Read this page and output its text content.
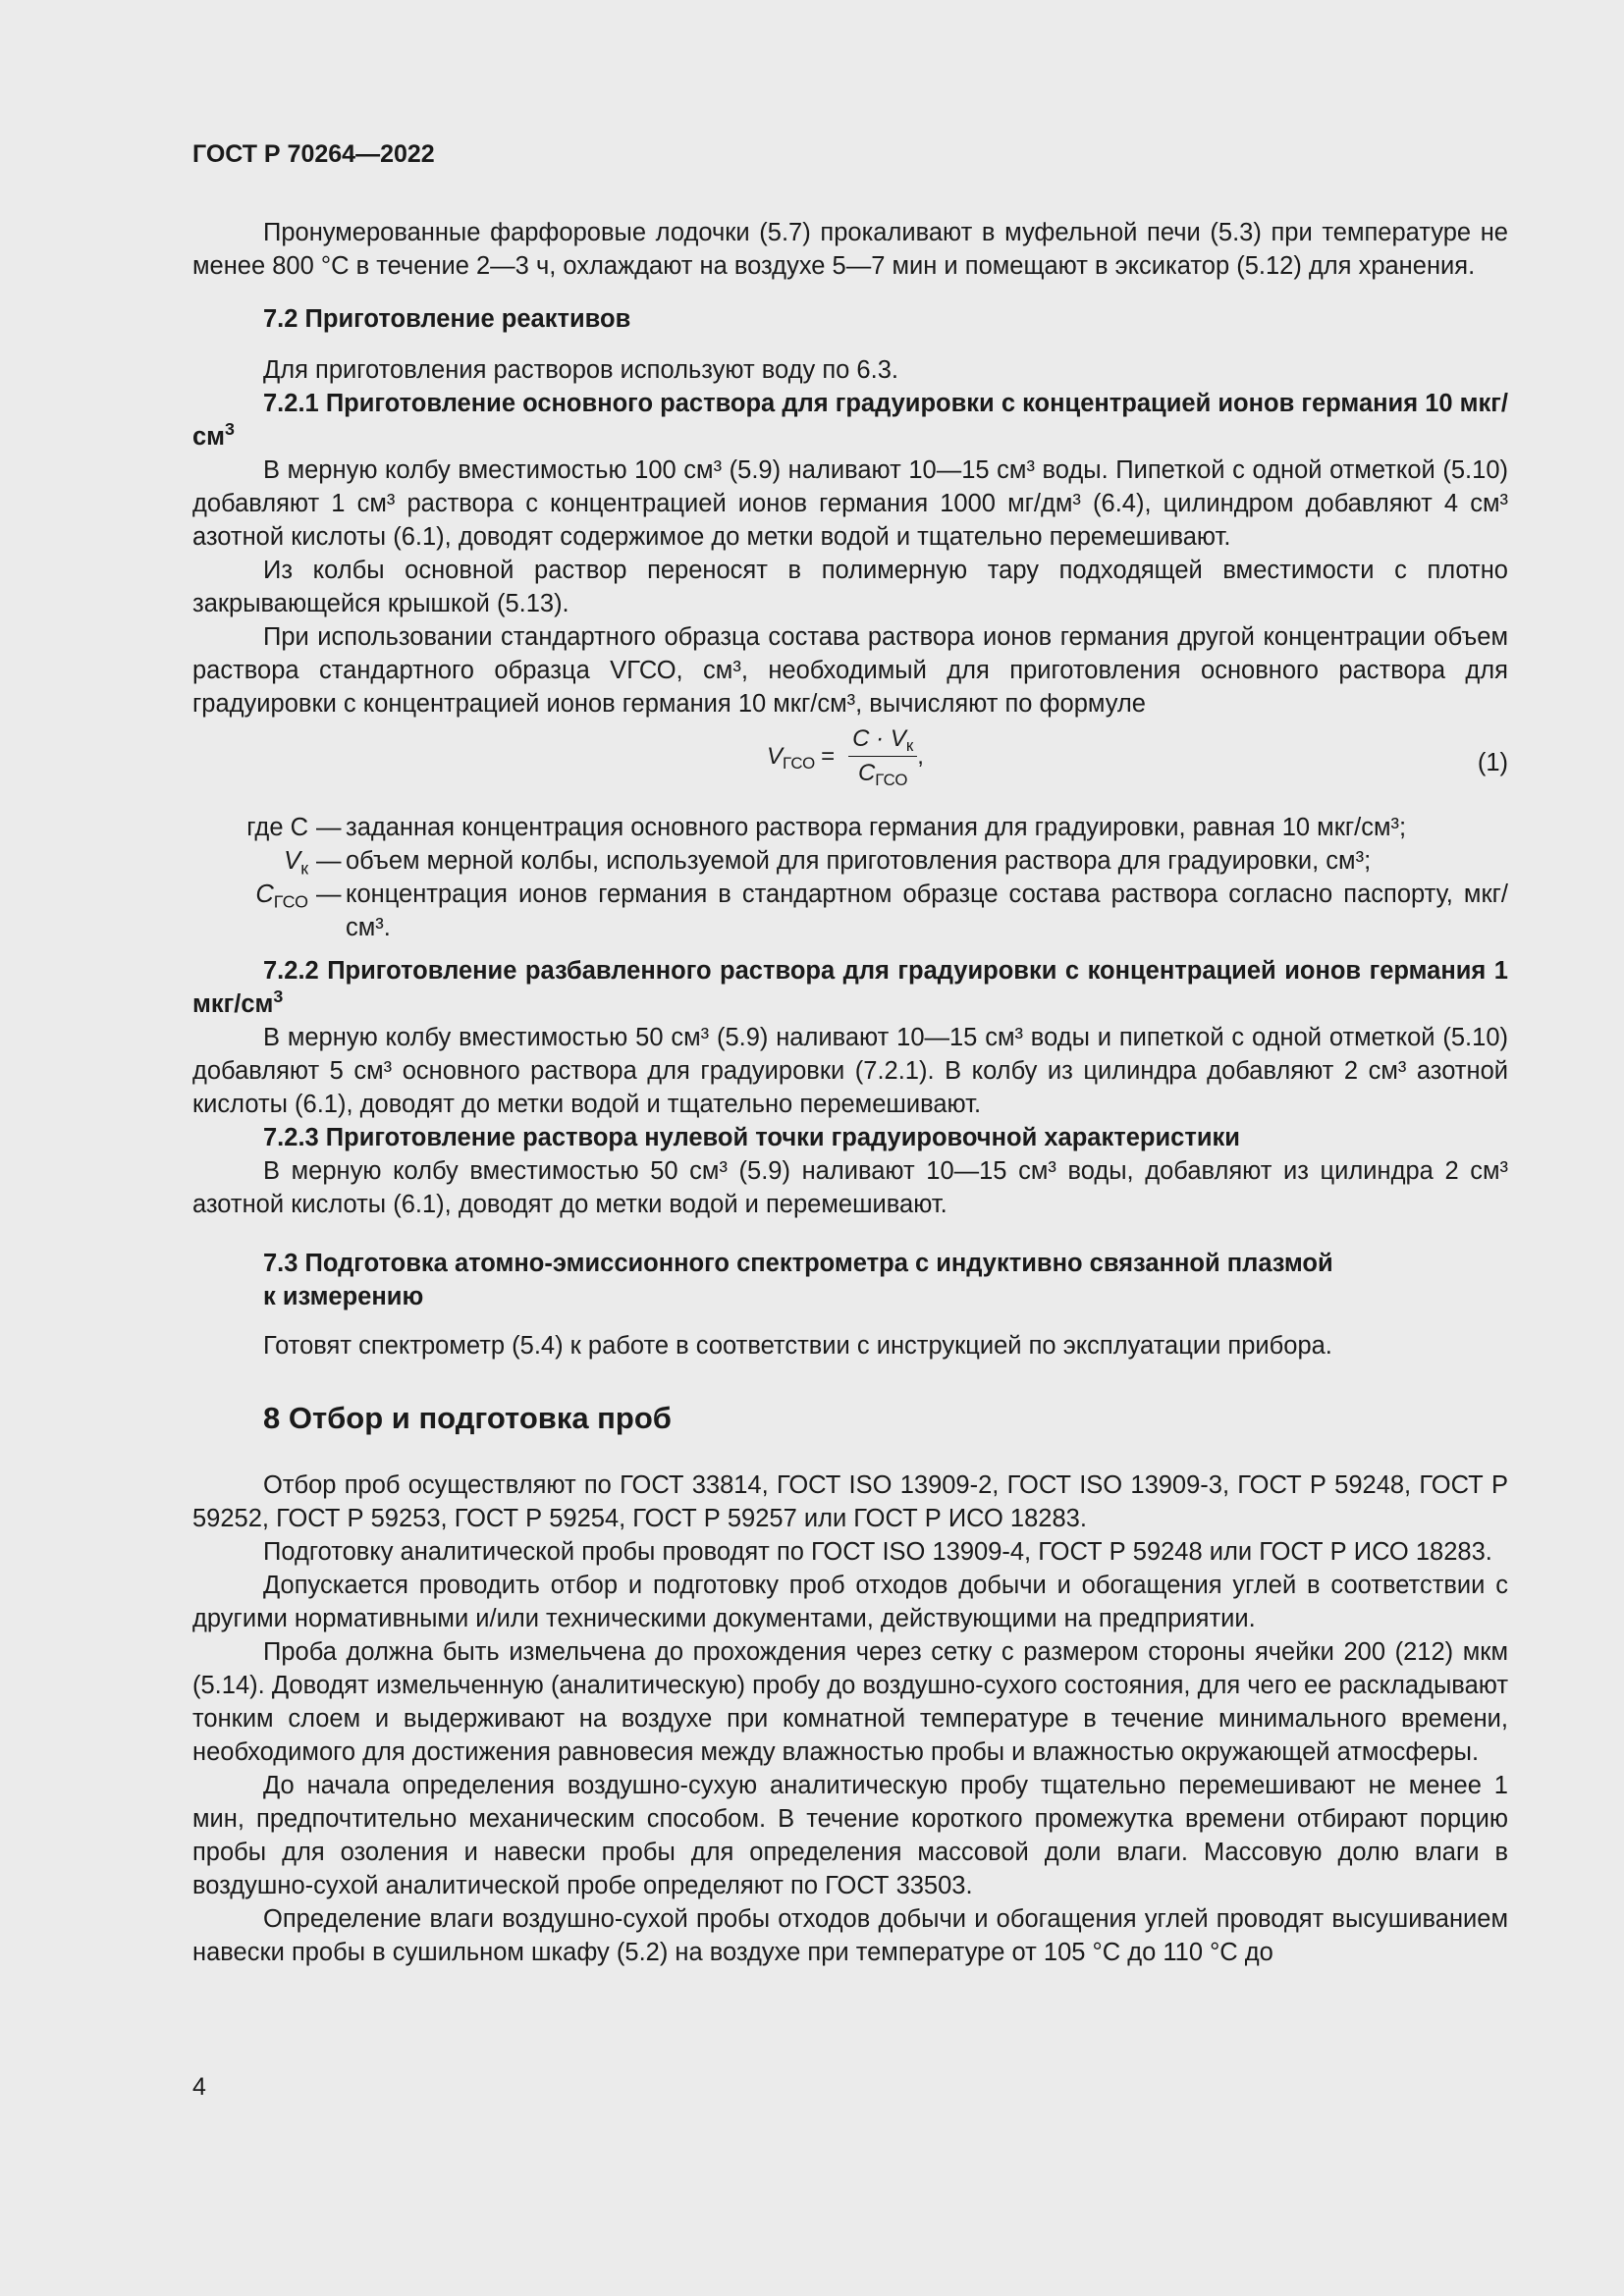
ГОСТ Р 70264—2022

Пронумерованные фарфоровые лодочки (5.7) прокаливают в муфельной печи (5.3) при температуре не менее 800 °С в течение 2—3 ч, охлаждают на воздухе 5—7 мин и помещают в эксикатор (5.12) для хранения.

7.2 Приготовление реактивов

Для приготовления растворов используют воду по 6.3.

7.2.1 Приготовление основного раствора для градуировки с концентрацией ионов германия 10 мкг/$см^3$

В мерную колбу вместимостью 100 см³ (5.9) наливают 10—15 см³ воды. Пипеткой с одной отметкой (5.10) добавляют 1 см³ раствора с концентрацией ионов германия 1000 мг/дм³ (6.4), цилиндром добавляют 4 см³ азотной кислоты (6.1), доводят содержимое до метки водой и тщательно перемешивают.

Из колбы основной раствор переносят в полимерную тару подходящей вместимости с плотно закрывающейся крышкой (5.13).

При использовании стандартного образца состава раствора ионов германия другой концентрации объем раствора стандартного образца VГСО, см³, необходимый для приготовления основного раствора для градуировки с концентрацией ионов германия 10 мкг/см³, вычисляют по формуле

$V_{ГСО} = \frac{C \cdot V_к}{C_{ГСО}}$ ,	(1)
где C — заданная концентрация основного раствора германия для градуировки, равная 10 мкг/см³;
$V_к$ — объем мерной колбы, используемой для приготовления раствора для градуировки, см³;
$C_{ГСО}$ — концентрация ионов германия в стандартном образце состава раствора согласно паспорту, мкг/см³.
7.2.2 Приготовление разбавленного раствора для градуировки с концентрацией ионов германия 1 мкг/$см^3$

В мерную колбу вместимостью 50 см³ (5.9) наливают 10—15 см³ воды и пипеткой с одной отметкой (5.10) добавляют 5 см³ основного раствора для градуировки (7.2.1). В колбу из цилиндра добавляют 2 см³ азотной кислоты (6.1), доводят до метки водой и тщательно перемешивают.

7.2.3 Приготовление раствора нулевой точки градуировочной характеристики

В мерную колбу вместимостью 50 см³ (5.9) наливают 10—15 см³ воды, добавляют из цилиндра 2 см³ азотной кислоты (6.1), доводят до метки водой и перемешивают.

7.3 Подготовка атомно-эмиссионного спектрометра с индуктивно связанной плазмой
к измерению

Готовят спектрометр (5.4) к работе в соответствии с инструкцией по эксплуатации прибора.

8 Отбор и подготовка проб

Отбор проб осуществляют по ГОСТ 33814, ГОСТ ISO 13909-2, ГОСТ ISO 13909-3, ГОСТ Р 59248, ГОСТ Р 59252, ГОСТ Р 59253, ГОСТ Р 59254, ГОСТ Р 59257 или ГОСТ Р ИСО 18283.

Подготовку аналитической пробы проводят по ГОСТ ISO 13909-4, ГОСТ Р 59248 или ГОСТ Р ИСО 18283.

Допускается проводить отбор и подготовку проб отходов добычи и обогащения углей в соответствии с другими нормативными и/или техническими документами, действующими на предприятии.

Проба должна быть измельчена до прохождения через сетку с размером стороны ячейки 200 (212) мкм (5.14). Доводят измельченную (аналитическую) пробу до воздушно-сухого состояния, для чего ее раскладывают тонким слоем и выдерживают на воздухе при комнатной температуре в течение минимального времени, необходимого для достижения равновесия между влажностью пробы и влажностью окружающей атмосферы.

До начала определения воздушно-сухую аналитическую пробу тщательно перемешивают не менее 1 мин, предпочтительно механическим способом. В течение короткого промежутка времени отбирают порцию пробы для озоления и навески пробы для определения массовой доли влаги. Массовую долю влаги в воздушно-сухой аналитической пробе определяют по ГОСТ 33503.

Определение влаги воздушно-сухой пробы отходов добычи и обогащения углей проводят высушиванием навески пробы в сушильном шкафу (5.2) на воздухе при температуре от 105 °С до 110 °С до

4
